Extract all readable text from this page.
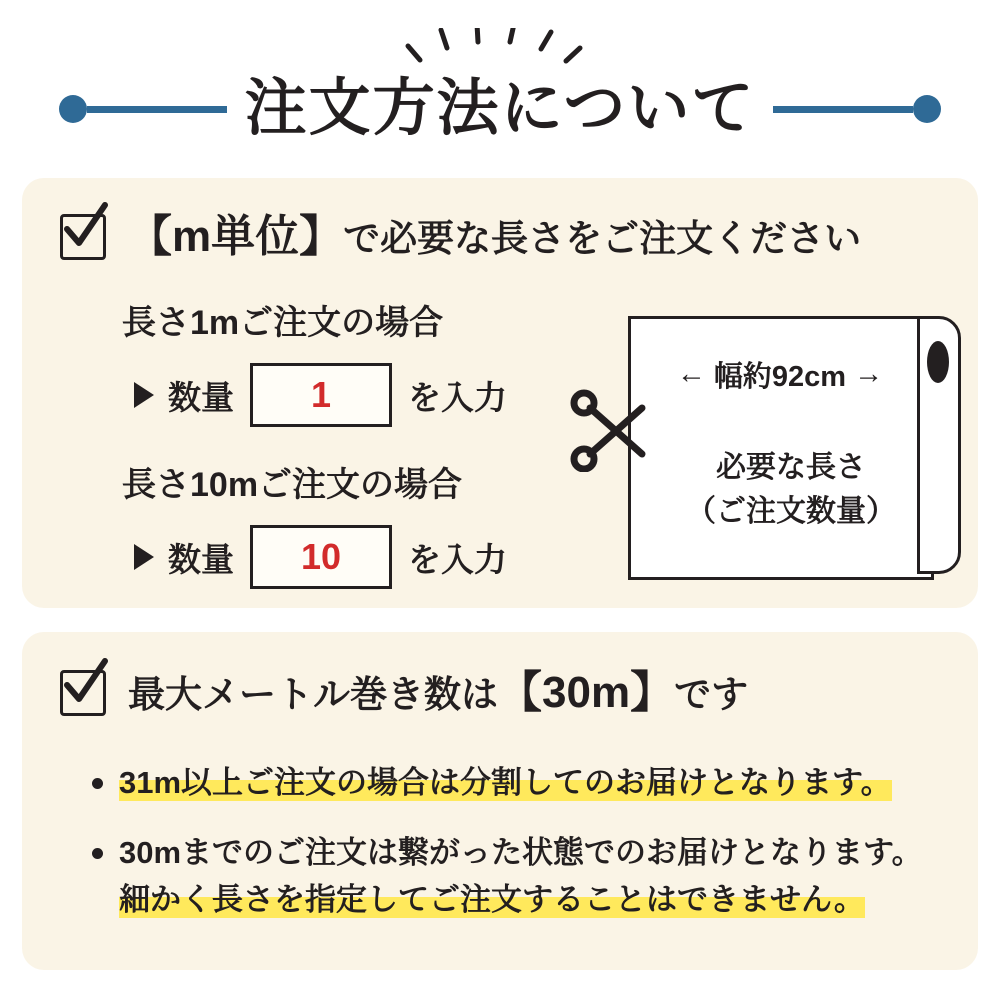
注文方法について
【m単位】で必要な長さをご注文ください
長さ1mご注文の場合
数量	1	を入力
長さ10mご注文の場合
数量	10	を入力
← 幅約92cm →
必要な長さ
（ご注文数量）
最大メートル巻き数は【30m】です
31m以上ご注文の場合は分割してのお届けとなります。
30mまでのご注文は繋がった状態でのお届けとなります。
細かく長さを指定してご注文することはできません。
